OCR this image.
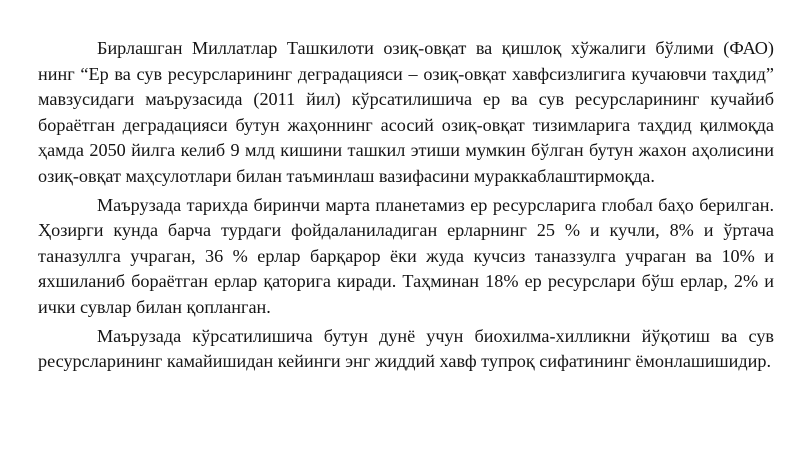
Бирлашган Миллатлар Ташкилоти озиқ-овқат ва қишлоқ хўжалиги бўлими (ФАО) нинг “Ер ва сув ресурсларининг деградацияси – озиқ-овқат хавфсизлигига кучаювчи таҳдид” мавзусидаги маърузасида (2011 йил) кўрсатилишича ер ва сув ресурсларининг кучайиб бораётган деградацияси бутун жаҳоннинг асосий озиқ-овқат тизимларига таҳдид қилмоқда ҳамда 2050 йилга келиб 9 млд кишини ташкил этиши мумкин бўлган бутун жахон аҳолисини озиқ-овқат маҳсулотлари билан таъминлаш вазифасини мураккаблаштирмоқда.

Маърузада тарихда биринчи марта планетамиз ер ресурсларига глобал баҳо берилган. Ҳозирги кунда барча турдаги фойдаланиладиган ерларнинг 25 % и кучли, 8% и ўртача таназуллга учраган, 36 % ерлар барқарор ёки жуда кучсиз таназзулга учраган ва 10% и яхшиланиб бораётган ерлар қаторига киради. Таҳминан 18% ер ресурслари бўш ерлар, 2% и ички сувлар билан қопланган.

Маърузада кўрсатилишича бутун дунё учун биохилма-хилликни йўқотиш ва сув ресурсларининг камайишидан кейинги энг жиддий хавф тупроқ сифатининг ёмонлашишидир.
